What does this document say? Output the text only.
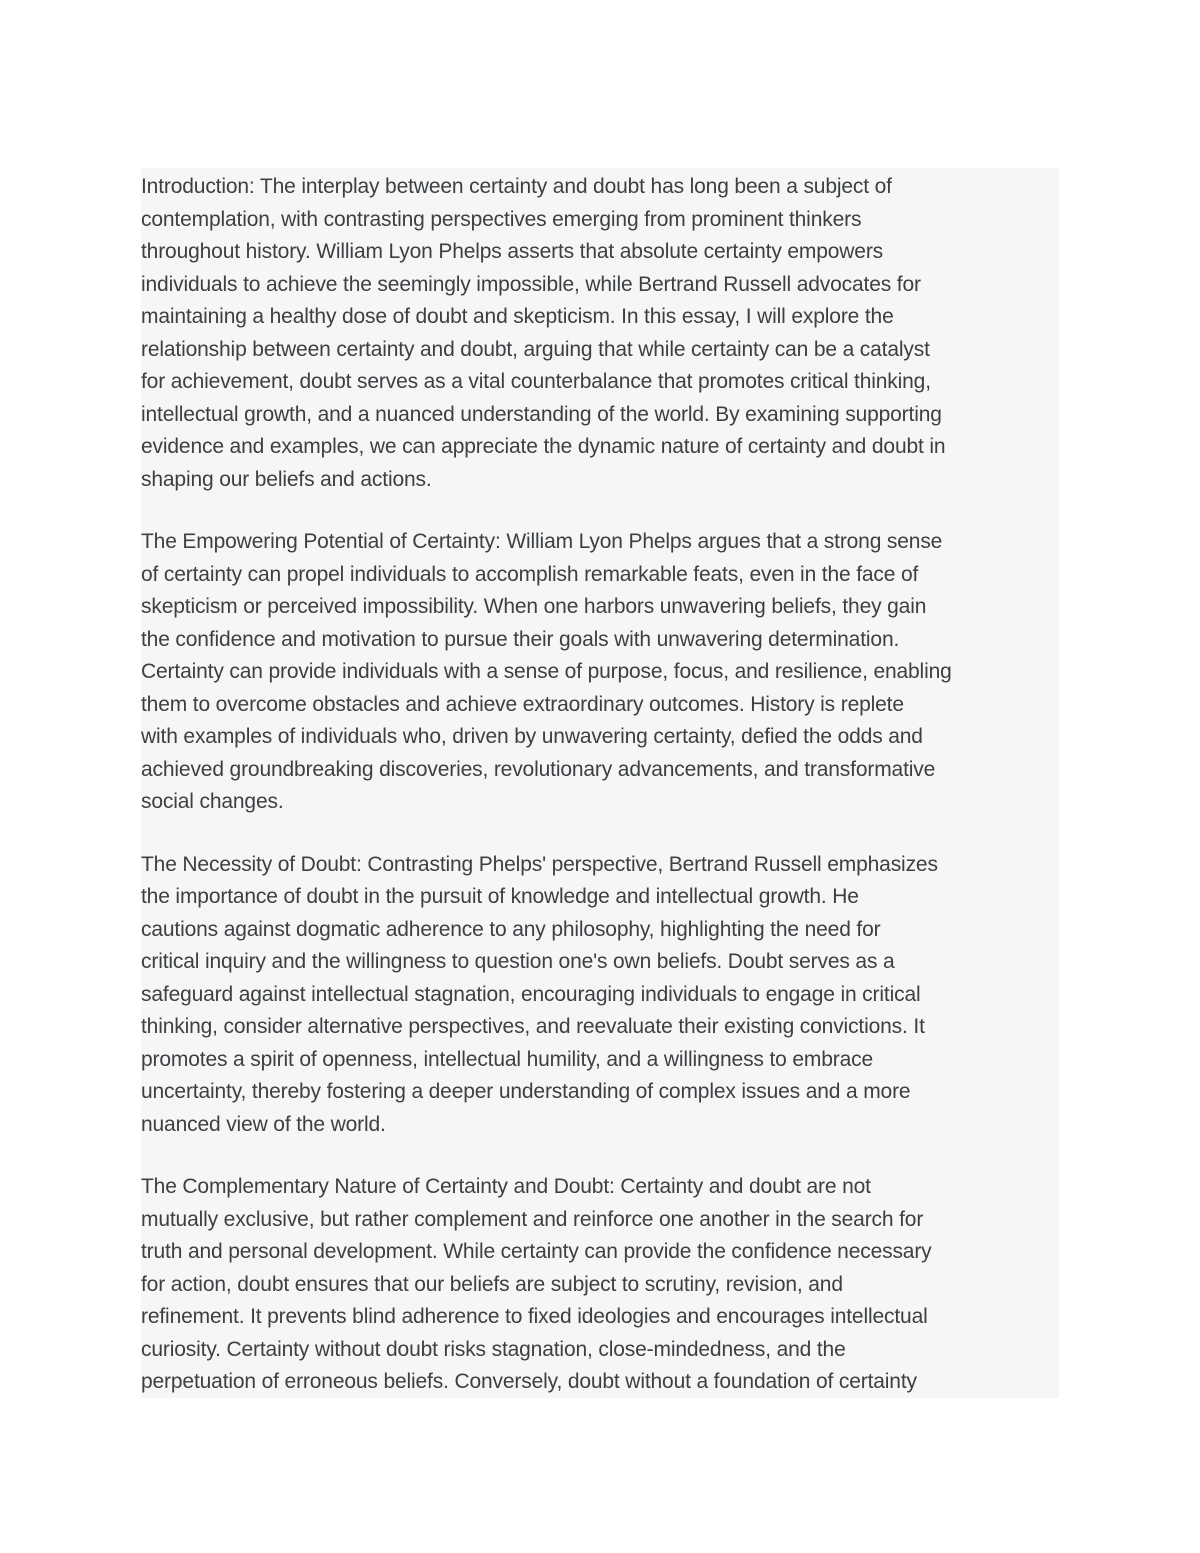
Introduction: The interplay between certainty and doubt has long been a subject of
contemplation, with contrasting perspectives emerging from prominent thinkers
throughout history. William Lyon Phelps asserts that absolute certainty empowers
individuals to achieve the seemingly impossible, while Bertrand Russell advocates for
maintaining a healthy dose of doubt and skepticism. In this essay, I will explore the
relationship between certainty and doubt, arguing that while certainty can be a catalyst
for achievement, doubt serves as a vital counterbalance that promotes critical thinking,
intellectual growth, and a nuanced understanding of the world. By examining supporting
evidence and examples, we can appreciate the dynamic nature of certainty and doubt in
shaping our beliefs and actions.

The Empowering Potential of Certainty: William Lyon Phelps argues that a strong sense
of certainty can propel individuals to accomplish remarkable feats, even in the face of
skepticism or perceived impossibility. When one harbors unwavering beliefs, they gain
the confidence and motivation to pursue their goals with unwavering determination.
Certainty can provide individuals with a sense of purpose, focus, and resilience, enabling
them to overcome obstacles and achieve extraordinary outcomes. History is replete
with examples of individuals who, driven by unwavering certainty, defied the odds and
achieved groundbreaking discoveries, revolutionary advancements, and transformative
social changes.

The Necessity of Doubt: Contrasting Phelps' perspective, Bertrand Russell emphasizes
the importance of doubt in the pursuit of knowledge and intellectual growth. He
cautions against dogmatic adherence to any philosophy, highlighting the need for
critical inquiry and the willingness to question one's own beliefs. Doubt serves as a
safeguard against intellectual stagnation, encouraging individuals to engage in critical
thinking, consider alternative perspectives, and reevaluate their existing convictions. It
promotes a spirit of openness, intellectual humility, and a willingness to embrace
uncertainty, thereby fostering a deeper understanding of complex issues and a more
nuanced view of the world.

The Complementary Nature of Certainty and Doubt: Certainty and doubt are not
mutually exclusive, but rather complement and reinforce one another in the search for
truth and personal development. While certainty can provide the confidence necessary
for action, doubt ensures that our beliefs are subject to scrutiny, revision, and
refinement. It prevents blind adherence to fixed ideologies and encourages intellectual
curiosity. Certainty without doubt risks stagnation, close-mindedness, and the
perpetuation of erroneous beliefs. Conversely, doubt without a foundation of certainty
